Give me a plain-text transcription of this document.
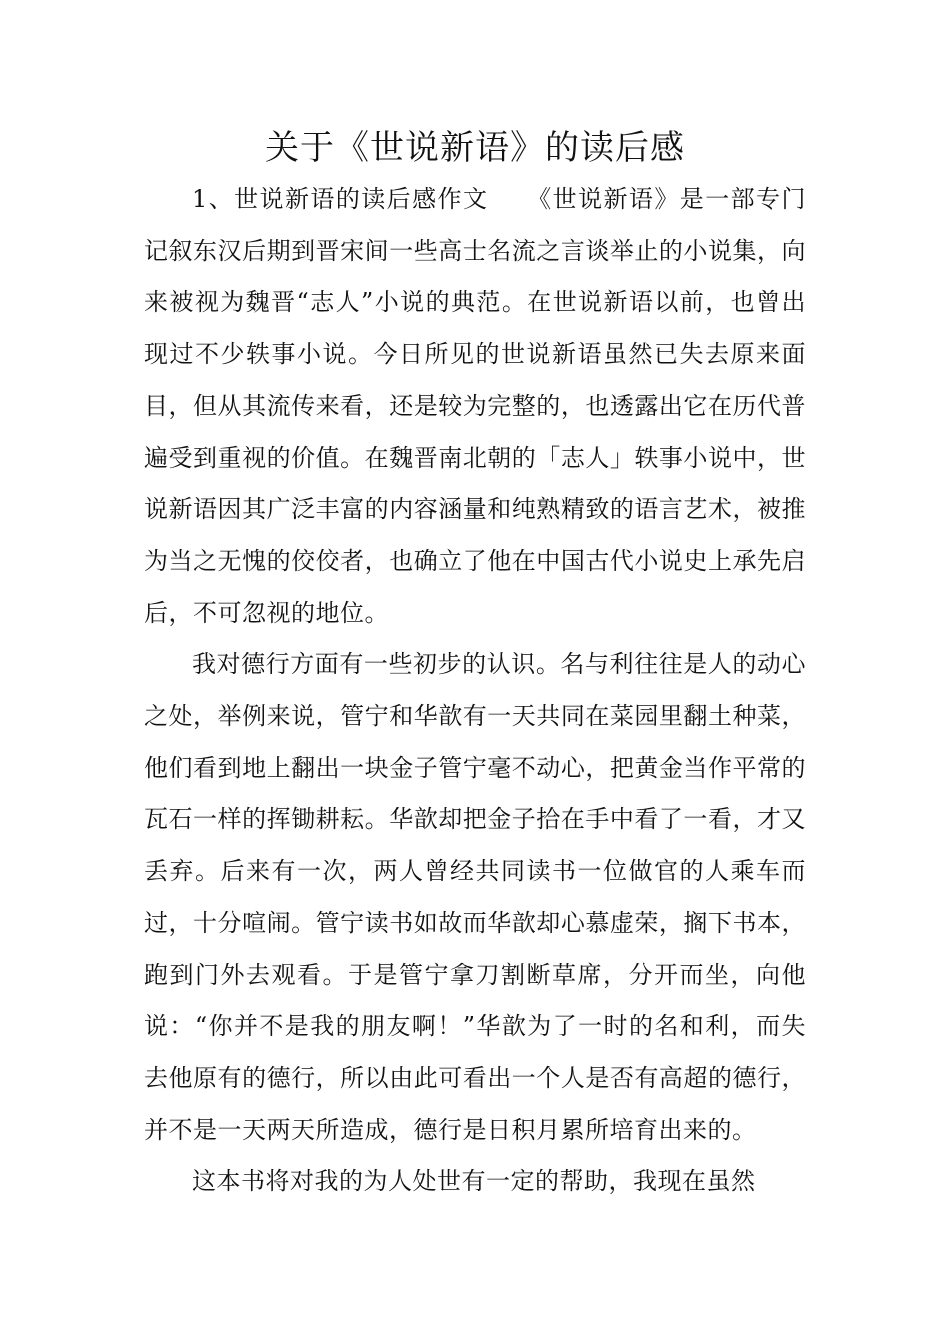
关于《世说新语》的读后感

1、世说新语的读后感作文　　《世说新语》是一部专门记叙东汉后期到晋宋间一些高士名流之言谈举止的小说集，向来被视为魏晋“志人”小说的典范。在世说新语以前，也曾出现过不少轶事小说。今日所见的世说新语虽然已失去原来面目，但从其流传来看，还是较为完整的，也透露出它在历代普遍受到重视的价值。在魏晋南北朝的「志人」轶事小说中，世说新语因其广泛丰富的内容涵量和纯熟精致的语言艺术，被推为当之无愧的佼佼者，也确立了他在中国古代小说史上承先启后，不可忽视的地位。

我对德行方面有一些初步的认识。名与利往往是人的动心之处，举例来说，管宁和华歆有一天共同在菜园里翻土种菜，他们看到地上翻出一块金子管宁毫不动心，把黄金当作平常的瓦石一样的挥锄耕耘。华歆却把金子拾在手中看了一看，才又丢弃。后来有一次，两人曾经共同读书一位做官的人乘车而过，十分喧闹。管宁读书如故而华歆却心慕虚荣，搁下书本，跑到门外去观看。于是管宁拿刀割断草席，分开而坐，向他说：“你并不是我的朋友啊！”华歆为了一时的名和利，而失去他原有的德行，所以由此可看出一个人是否有高超的德行，并不是一天两天所造成，德行是日积月累所培育出来的。

这本书将对我的为人处世有一定的帮助，我现在虽然
